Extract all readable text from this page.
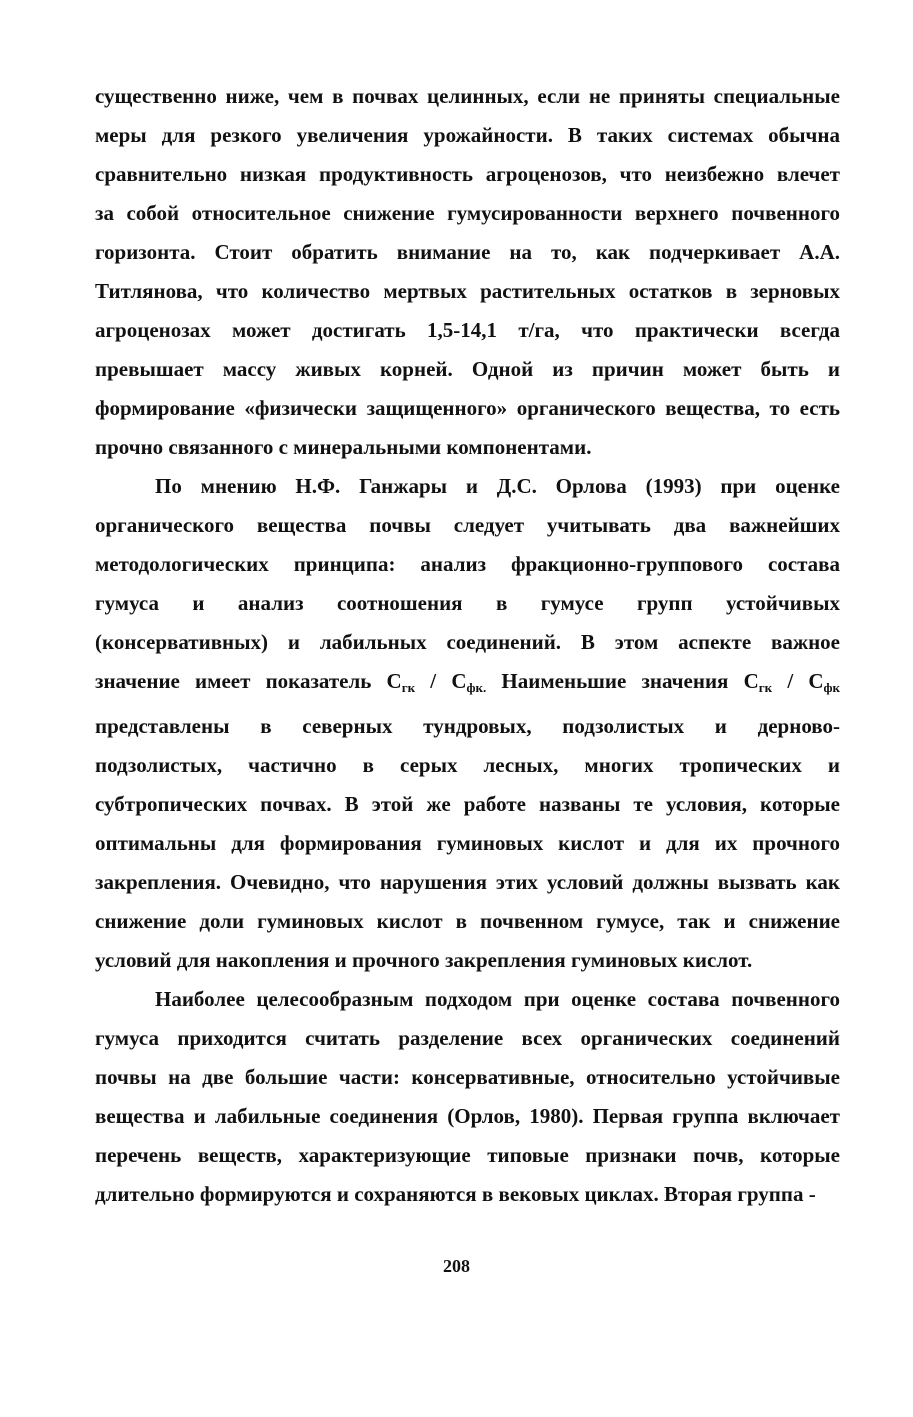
существенно ниже, чем в почвах целинных, если не приняты специальные
меры для резкого увеличения урожайности. В таких системах обычна
сравнительно низкая продуктивность агроценозов, что неизбежно влечет
за собой относительное снижение гумусированности верхнего почвенного
горизонта. Стоит обратить внимание на то, как подчеркивает А.А.
Титлянова, что количество мертвых растительных остатков в зерновых
агроценозах может достигать 1,5-14,1 т/га, что практически всегда
превышает массу живых корней. Одной из причин может быть и
формирование «физически защищенного» органического вещества, то есть
прочно связанного с минеральными компонентами.
По мнению Н.Ф. Ганжары и Д.С. Орлова (1993) при оценке
органического вещества почвы следует учитывать два важнейших
методологических принципа: анализ фракционно-группового состава
гумуса и анализ соотношения в гумусе групп устойчивых
(консервативных) и лабильных соединений. В этом аспекте важное
значение имеет показатель $С_{гк} / С_{фк.}$ Наименьшие значения $С_{гк} / С_{фк}$
представлены в северных тундровых, подзолистых и дерново-
подзолистых, частично в серых лесных, многих тропических и
субтропических почвах. В этой же работе названы те условия, которые
оптимальны для формирования гуминовых кислот и для их прочного
закрепления. Очевидно, что нарушения этих условий должны вызвать как
снижение доли гуминовых кислот в почвенном гумусе, так и снижение
условий для накопления и прочного закрепления гуминовых кислот.
Наиболее целесообразным подходом при оценке состава почвенного
гумуса приходится считать разделение всех органических соединений
почвы на две большие части: консервативные, относительно устойчивые
вещества и лабильные соединения (Орлов, 1980). Первая группа включает
перечень веществ, характеризующие типовые признаки почв, которые
длительно формируются и сохраняются в вековых циклах. Вторая группа -
208
